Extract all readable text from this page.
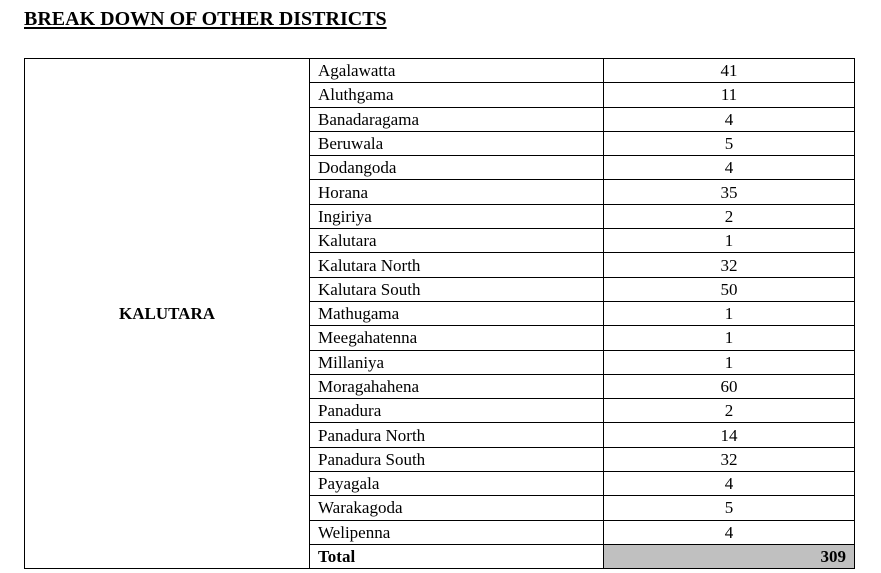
BREAK DOWN OF OTHER DISTRICTS
KALUTARA	Agalawatta	41
	Aluthgama	11
	Banadaragama	4
	Beruwala	5
	Dodangoda	4
	Horana	35
	Ingiriya	2
	Kalutara	1
	Kalutara North	32
	Kalutara South	50
	Mathugama	1
	Meegahatenna	1
	Millaniya	1
	Moragahahena	60
	Panadura	2
	Panadura North	14
	Panadura South	32
	Payagala	4
	Warakagoda	5
	Welipenna	4
	Total	309
